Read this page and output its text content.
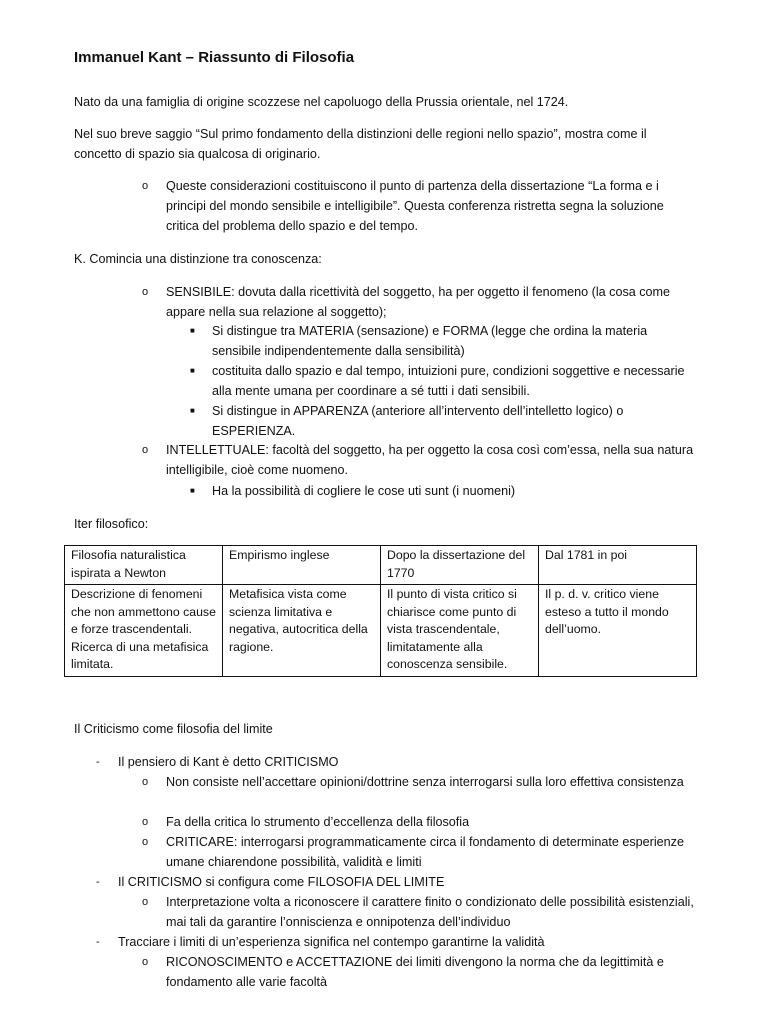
Immanuel Kant – Riassunto di Filosofia

Nato da una famiglia di origine scozzese nel capoluogo della Prussia orientale, nel 1724.

Nel suo breve saggio “Sul primo fondamento della distinzioni delle regioni nello spazio”, mostra come il concetto di spazio sia qualcosa di originario.

o Queste considerazioni costituiscono il punto di partenza della dissertazione “La forma e i principi del mondo sensibile e intelligibile”. Questa conferenza ristretta segna la soluzione critica del problema dello spazio e del tempo.

K. Comincia una distinzione tra conoscenza:

o SENSIBILE: dovuta dalla ricettività del soggetto, ha per oggetto il fenomeno (la cosa come appare nella sua relazione al soggetto);

■ Si distingue tra MATERIA (sensazione) e FORMA (legge che ordina la materia sensibile indipendentemente dalla sensibilità)

■ costituita dallo spazio e dal tempo, intuizioni pure, condizioni soggettive e necessarie alla mente umana per coordinare a sé tutti i dati sensibili.

■ Si distingue in APPARENZA (anteriore all’intervento dell’intelletto logico) o ESPERIENZA.

o INTELLETTUALE: facoltà del soggetto, ha per oggetto la cosa così com’essa, nella sua natura intelligibile, cioè come nuomeno.

■ Ha la possibilità di cogliere le cose uti sunt (i nuomeni)

Iter filosofico:

Filosofia naturalistica ispirata a Newton	Empirismo inglese	Dopo la dissertazione del 1770	Dal 1781 in poi
Descrizione di fenomeni che non ammettono cause e forze trascendentali.
Ricerca di una metafisica limitata.	Metafisica vista come scienza limitativa e negativa, autocritica della ragione.	Il punto di vista critico si chiarisce come punto di vista trascendentale, limitatamente alla conoscenza sensibile.	Il p. d. v. critico viene esteso a tutto il mondo dell’uomo.

Il Criticismo come filosofia del limite

- Il pensiero di Kant è detto CRITICISMO

o Non consiste nell’accettare opinioni/dottrine senza interrogarsi sulla loro effettiva consistenza

o Fa della critica lo strumento d’eccellenza della filosofia

o CRITICARE: interrogarsi programmaticamente circa il fondamento di determinate esperienze umane chiarendone possibilità, validità e limiti

- Il CRITICISMO si configura come FILOSOFIA DEL LIMITE

o Interpretazione volta a riconoscere il carattere finito o condizionato delle possibilità esistenziali, mai tali da garantire l’onniscienza e onnipotenza dell’individuo

- Tracciare i limiti di un’esperienza significa nel contempo garantirne la validità

o RICONOSCIMENTO e ACCETTAZIONE dei limiti divengono la norma che da legittimità e fondamento alle varie facoltà
